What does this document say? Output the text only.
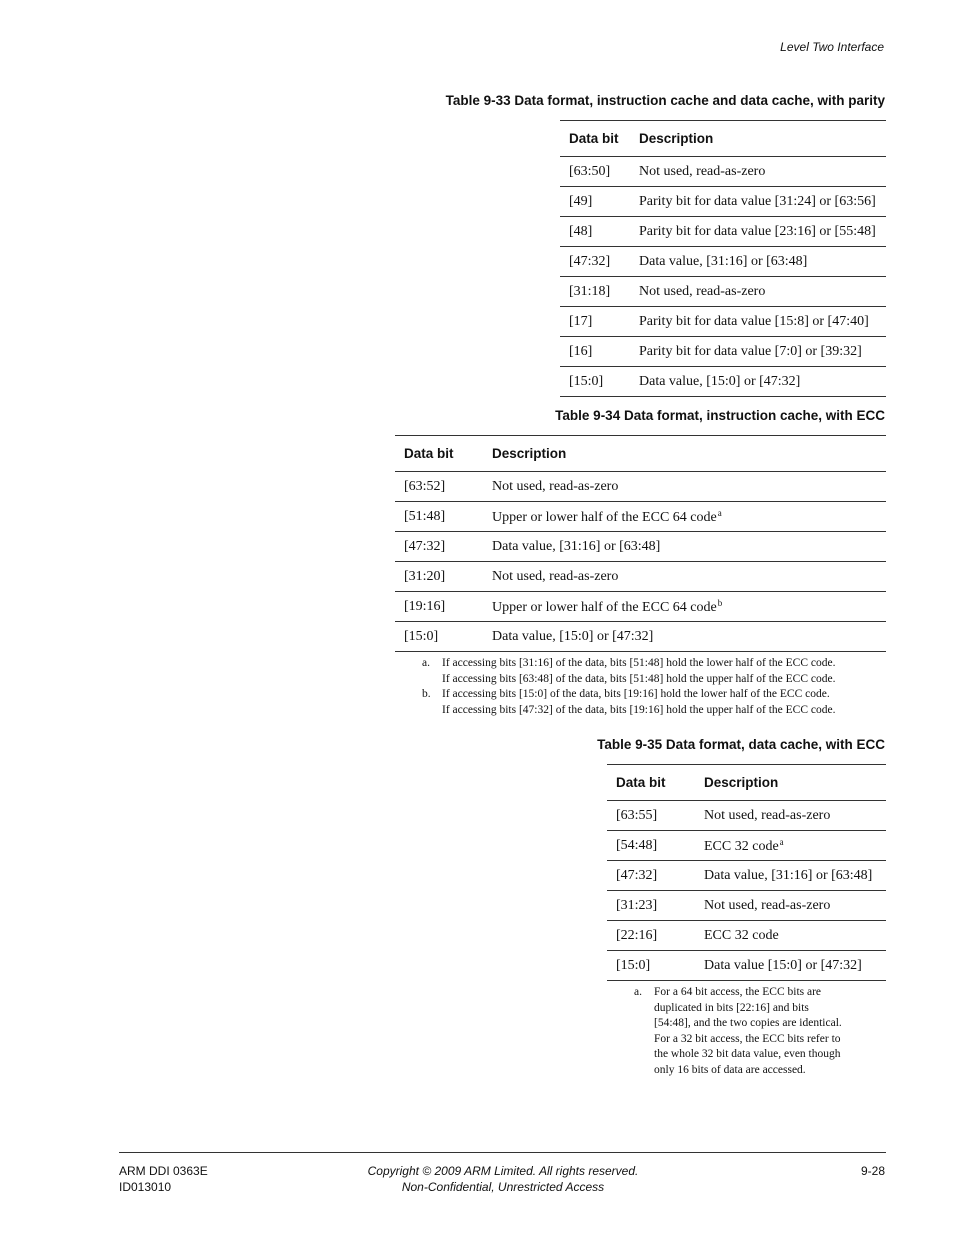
Level Two Interface
Table 9-33 Data format, instruction cache and data cache, with parity
Data bit	Description
[63:50]	Not used, read-as-zero
[49]	Parity bit for data value [31:24] or [63:56]
[48]	Parity bit for data value [23:16] or [55:48]
[47:32]	Data value, [31:16] or [63:48]
[31:18]	Not used, read-as-zero
[17]	Parity bit for data value [15:8] or [47:40]
[16]	Parity bit for data value [7:0] or [39:32]
[15:0]	Data value, [15:0] or [47:32]
Table 9-34 Data format, instruction cache, with ECC
Data bit	Description
[63:52]	Not used, read-as-zero
[51:48]	Upper or lower half of the ECC 64 code$^a$
[47:32]	Data value, [31:16] or [63:48]
[31:20]	Not used, read-as-zero
[19:16]	Upper or lower half of the ECC 64 code$^b$
[15:0]	Data value, [15:0] or [47:32]
a.	If accessing bits [31:16] of the data, bits [51:48] hold the lower half of the ECC code.
If accessing bits [63:48] of the data, bits [51:48] hold the upper half of the ECC code.
b. If accessing bits [15:0] of the data, bits [19:16] hold the lower half of the ECC code.
If accessing bits [47:32] of the data, bits [19:16] hold the upper half of the ECC code.
Table 9-35 Data format, data cache, with ECC
Data bit	Description
[63:55]	Not used, read-as-zero
[54:48]	ECC 32 code$^a$
[47:32]	Data value, [31:16] or [63:48]
[31:23]	Not used, read-as-zero
[22:16]	ECC 32 code
[15:0]	Data value [15:0] or [47:32]
a.	For a 64 bit access, the ECC bits are
duplicated in bits [22:16] and bits
[54:48], and the two copies are identical.
For a 32 bit access, the ECC bits refer to
the whole 32 bit data value, even though
only 16 bits of data are accessed.
ARM DDI 0363E
ID013010
Copyright © 2009 ARM Limited. All rights reserved.
Non-Confidential, Unrestricted Access
9-28
